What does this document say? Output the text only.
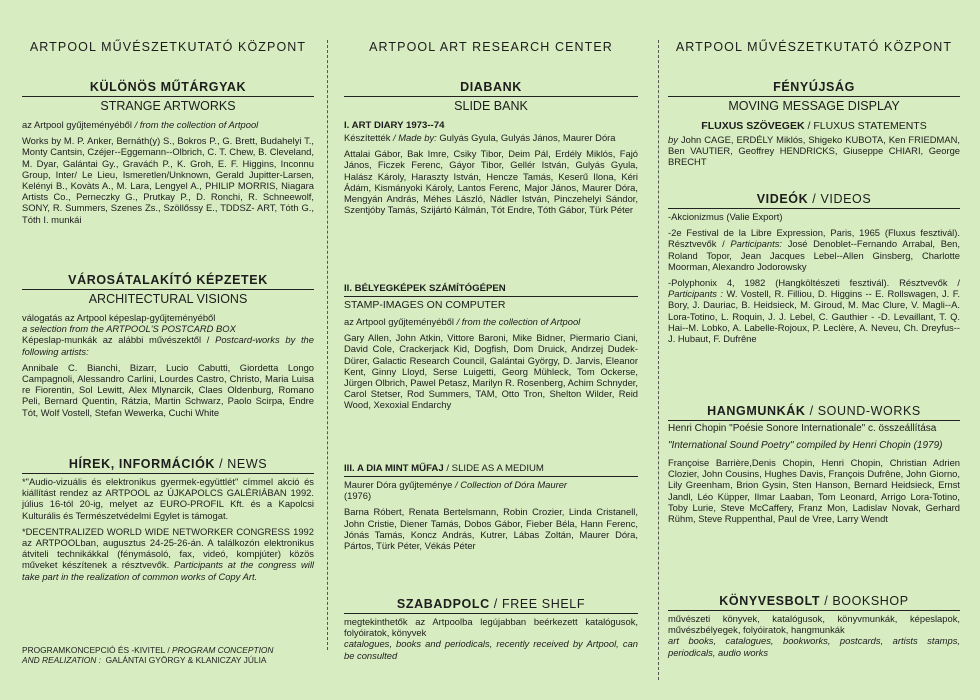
ARTPOOL MŰVÉSZETKUTATÓ KÖZPONT
KÜLÖNÖS MŰTÁRGYAK
STRANGE ARTWORKS

az Artpool gyűjteményéből / from the collection of Artpool

Works by M. P. Anker, Bernáth(y) S., Bokros P., G. Brett, Budahelyi T., Monty Cantsin, Czéjer--Eggemann--Olbrich, C. T. Chew, B. Cleveland, M. Dyar, Galántai Gy., Graváćh P., K. Groh, E. F. Higgins, Inconnu Group, Inter/ Le Lieu, Ismeretlen/Unknown, Gerald Jupitter-Larsen, Kelényi B., Kovàts A., M. Lara, Lengyel A., PHILIP MORRIS, Niagara Artists Co., Perneczky G., Prutkay P., D. Ronchi, R. Schneewolf, SONY, R. Summers, Szenes Zs., Szöllőssy E., TDDSZ- ART, Tóth G., Tóth I. munkái

VÁROSÁTALAKÍTÓ KÉPZETEK
ARCHITECTURAL VISIONS

válogatás az Artpool képeslap-gyűjteményéből
a selection from the ARTPOOL'S POSTCARD BOX
Képeslap-munkák az alábbi művészektől / Postcard-works by the following artists:

Annibale C. Bianchi, Bizarr, Lucio Cabutti, Giordetta Longo Campagnoli, Alessandro Carlini, Lourdes Castro, Christo, Maria Luisa re Fiorentin, Sol Lewitt, Alex Mlynarcik, Claes Oldenburg, Romano Peli, Bernard Quentin, Rátzia, Martin Schwarz, Paolo Scirpa, Endre Tót, Wolf Vostell, Stefan Wewerka, Cuchi White

HÍREK, INFORMÁCIÓK / NEWS

*"Audio-vizuális és elektronikus gyermek-együttlét" címmel akció és kiállítást rendez az ARTPOOL az ÚJKAPOLCS GALÉRIÁBAN 1992. július 16-tól 20-ig, melyet az EURO-PROFIL Kft. és a Kapolcsi Kulturális és Természetvédelmi Egylet is támogat.

*DECENTRALIZED WORLD WIDE NETWORKER CONGRESS 1992 az ARTPOOLban, augusztus 24-25-26-án. A találkozón elektronikus átviteli technikákkal (fénymásoló, fax, videó, kompjúter) közös műveket készítenek a résztvevők. Participants at the congress will take part in the realization of common works of Copy Art.

PROGRAMKONCEPCIÓ ÉS -KIVITEL / PROGRAM CONCEPTION
AND REALIZATION : GALÁNTAI GYÖRGY & KLANICZAY JÚLIA
ARTPOOL ART RESEARCH CENTER
DIABANK
SLIDE BANK
I. ART DIARY 1973--74

Készítették / Made by: Gulyás Gyula, Gulyás János, Maurer Dóra

Attalai Gábor, Bak Imre, Csiky Tibor, Deim Pál, Erdély Miklós, Fajó János, Ficzek Ferenc, Gáyor Tibor, Gellér István, Gulyás Gyula, Halász Károly, Haraszty István, Hencze Tamás, Keserű Ilona, Kéri Ádám, Kismányoki Károly, Lantos Ferenc, Major János, Maurer Dóra, Mengyán András, Méhes László, Nádler István, Pinczehelyi Sándor, Szentjóby Tamás, Szijártó Kálmán, Tót Endre, Tóth Gábor, Türk Péter

II. BÉLYEGKÉPEK SZÁMÍTÓGÉPEN
STAMP-IMAGES ON COMPUTER

az Artpool gyűjteményéből / from the collection of Artpool

Gary Allen, John Atkin, Vittore Baroni, Mike Bidner, Piermario Ciani, David Cole, Crackerjack Kid, Dogfish, Dom Druick, Andrzej Dudek-Dürer, Galactic Research Council, Galántai György, D. Jarvis, Eleanor Kent, Ginny Lloyd, Serse Luigetti, Georg Mühleck, Tom Ockerse, Jürgen Olbrich, Pawel Petasz, Marilyn R. Rosenberg, Achim Schnyder, Carol Stetser, Rod Summers, TAM, Otto Tron, Shelton Wilder, Reid Wood, Xexoxial Endarchy

III. A DIA MINT MŰFAJ / SLIDE AS A MEDIUM

Maurer Dóra gyűjteménye / Collection of Dóra Maurer
(1976)

Barna Róbert, Renata Bertelsmann, Robin Crozier, Linda Cristanell, John Cristie, Diener Tamás, Dobos Gábor, Fieber Béla, Hann Ferenc, Jónás Tamás, Koncz András, Kutrer, Lábas Zoltán, Maurer Dóra, Pártos, Türk Péter, Vékás Péter

SZABADPOLC / FREE SHELF

megtekinthetők az Artpoolba legújabban beérkezett katalógusok, folyóiratok, könyvek
catalogues, books and periodicals, recently received by Artpool, can be consulted

ARTPOOL MŰVÉSZETKUTATÓ KÖZPONT
FÉNYÚJSÁG
MOVING MESSAGE DISPLAY
FLUXUS SZÖVEGEK / FLUXUS STATEMENTS

by John CAGE, ERDÉLY Miklós, Shigeko KUBOTA, Ken FRIEDMAN, Ben VAUTIER, Geoffrey HENDRICKS, Giuseppe CHIARI, George BRECHT

VIDEÓK / VIDEOS

-Akcionizmus (Valie Export)

-2e Festival de la Libre Expression, Paris, 1965 (Fluxus fesztivál). Résztvevők / Participants: José Denoblet--Fernando Arrabal, Ben, Roland Topor, Jean Jacques Lebel--Allen Ginsberg, Charlotte Moorman, Alexandro Jodorowsky

-Polyphonix 4, 1982 (Hangköltészeti fesztivál). Résztvevők / Participants : W. Vostell, R. Filliou, D. Higgins -- E. Rollswagen, J. F. Bory, J. Dauriac, B. Heidsieck, M. Giroud, M. Mac Clure, V. Magli--A. Lora-Totino, L. Roquin, J. J. Lebel, C. Gauthier - -D. Levaillant, T. Q. Hai--M. Lobko, A. Labelle-Rojoux, P. Leclère, A. Neveu, Ch. Dreyfus--J. Hubaut, F. Dufrêne

HANGMUNKÁK / SOUND-WORKS

Henri Chopin "Poésie Sonore Internationale" c. összeállítása

"International Sound Poetry" compiled by Henri Chopin (1979)

Françoise Barrière,Denis Chopin, Henri Chopin, Christian Adrien Clozier, John Cousins, Hughes Davis, François Dufrêne, John Giorno, Lily Greenham, Brion Gysin, Sten Hanson, Bernard Heidsieck, Ernst Jandl, Léo Küpper, Ilmar Laaban, Tom Leonard, Arrigo Lora-Totino, Toby Lurie, Steve McCaffery, Franz Mon, Ladislav Novak, Gerhard Rühm, Steve Ruppenthal, Paul de Vree, Larry Wendt

KÖNYVESBOLT / BOOKSHOP

művészeti könyvek, katalógusok, könyvmunkák, képeslapok, művészbélyegek, folyóiratok, hangmunkák
art books, catalogues, bookworks, postcards, artists stamps, periodicals, audio works
